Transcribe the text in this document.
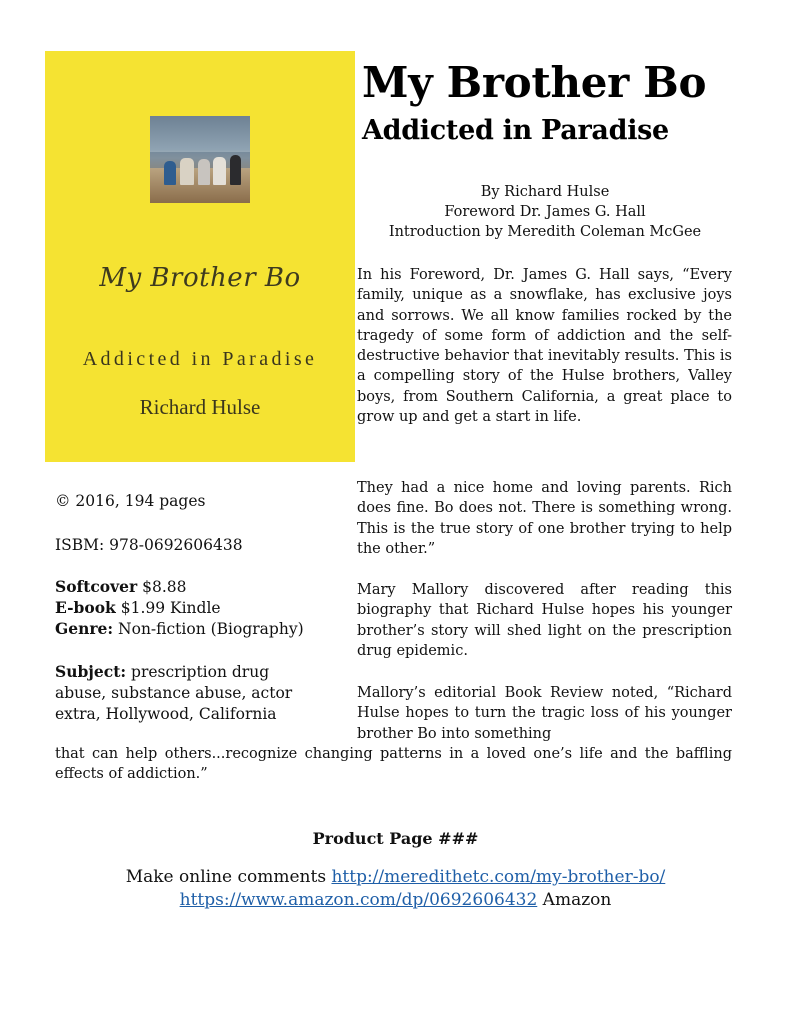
My Brother Bo
Addicted in Paradise
Richard Hulse
My Brother Bo
Addicted in Paradise
By Richard Hulse
Foreword Dr. James G. Hall
Introduction by Meredith Coleman McGee
In his Foreword, Dr. James G. Hall says, “Every family, unique as a snowflake, has exclusive joys and sorrows. We all know families rocked by the tragedy of some form of addiction and the self-destructive behavior that inevitably results. This is a compelling story of the Hulse brothers, Valley boys, from Southern California, a great place to grow up and get a start in life.
They had a nice home and loving parents. Rich does fine. Bo does not. There is something wrong. This is the true story of one brother trying to help the other.”
Mary Mallory discovered after reading this biography that Richard Hulse hopes his younger brother’s story will shed light on the prescription drug epidemic.
Mallory’s editorial Book Review noted, “Richard Hulse hopes to turn the tragic loss of his younger brother Bo into something
that can help others...recognize changing patterns in a loved one’s life and the baffling effects of addiction.”
© 2016, 194 pages
ISBM: 978-0692606438
Softcover $8.88
E-book $1.99 Kindle
Genre: Non-fiction (Biography)
Subject: prescription drug
abuse, substance abuse, actor
extra, Hollywood, California
Product Page ###
Make online comments http://meredithetc.com/my-brother-bo/
https://www.amazon.com/dp/0692606432 Amazon
